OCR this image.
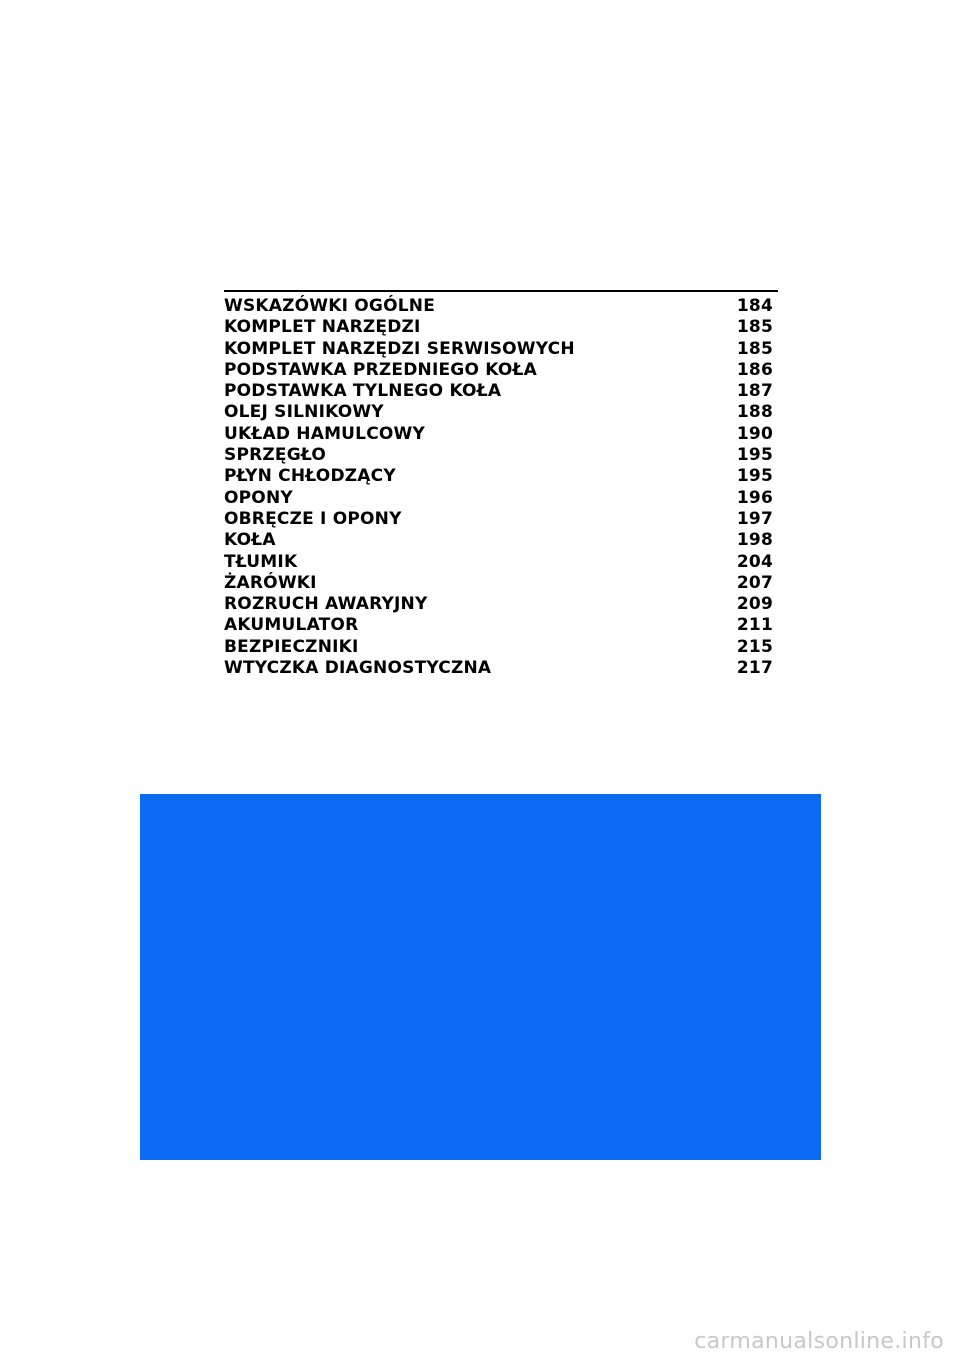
WSKAZÓWKI OGÓLNE	184
KOMPLET NARZĘDZI	185
KOMPLET NARZĘDZI SERWISOWYCH	185
PODSTAWKA PRZEDNIEGO KOŁA	186
PODSTAWKA TYLNEGO KOŁA	187
OLEJ SILNIKOWY	188
UKŁAD HAMULCOWY	190
SPRZĘGŁO	195
PŁYN CHŁODZĄCY	195
OPONY	196
OBRĘCZE I OPONY	197
KOŁA	198
TŁUMIK	204
ŻARÓWKI	207
ROZRUCH AWARYJNY	209
AKUMULATOR	211
BEZPIECZNIKI	215
WTYCZKA DIAGNOSTYCZNA	217
carmanualsonline.info
